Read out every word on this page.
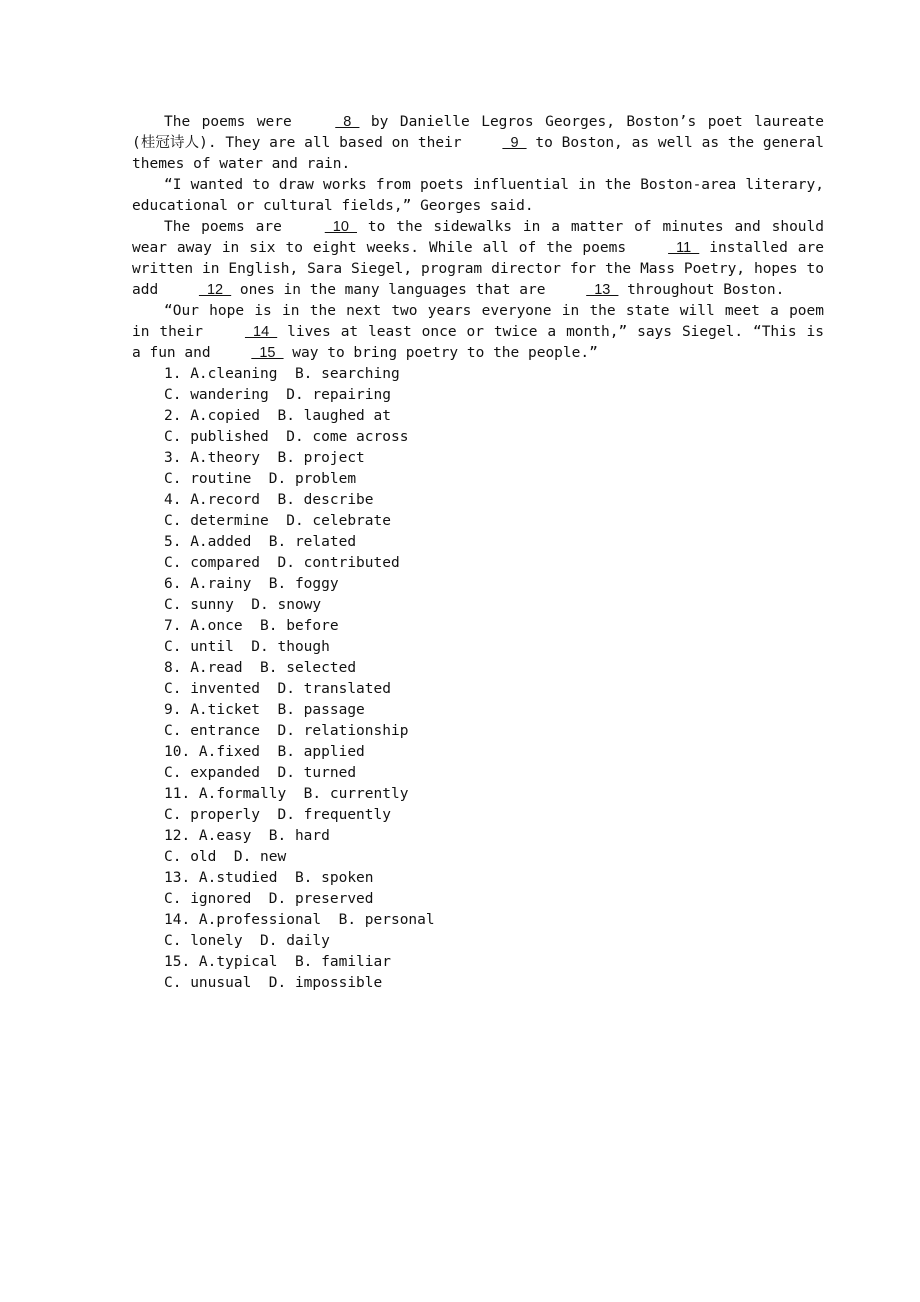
The poems were   8   by Danielle Legros Georges, Boston’s poet laureate (桂冠诗人). They are all based on their   9   to Boston, as well as the general themes of water and rain.

“I wanted to draw works from poets influential in the Boston-area literary, educational or cultural fields,” Georges said.

The poems are   10   to the sidewalks in a matter of minutes and should wear away in six to eight weeks. While all of the poems   11   installed are written in English, Sara Siegel, program director for the Mass Poetry, hopes to add   12   ones in the many languages that are   13   throughout Boston.

“Our hope is in the next two years everyone in the state will meet a poem in their   14   lives at least once or twice a month,” says Siegel. “This is a fun and   15   way to bring poetry to the people.”

1. A.cleaning  B. searching
C. wandering  D. repairing
2. A.copied  B. laughed at
C. published  D. come across
3. A.theory  B. project
C. routine  D. problem
4. A.record  B. describe
C. determine  D. celebrate
5. A.added  B. related
C. compared  D. contributed
6. A.rainy  B. foggy
C. sunny  D. snowy
7. A.once  B. before
C. until  D. though
8. A.read  B. selected
C. invented  D. translated
9. A.ticket  B. passage
C. entrance  D. relationship
10. A.fixed  B. applied
C. expanded  D. turned
11. A.formally  B. currently
C. properly  D. frequently
12. A.easy  B. hard
C. old  D. new
13. A.studied  B. spoken
C. ignored  D. preserved
14. A.professional  B. personal
C. lonely  D. daily
15. A.typical  B. familiar
C. unusual  D. impossible
